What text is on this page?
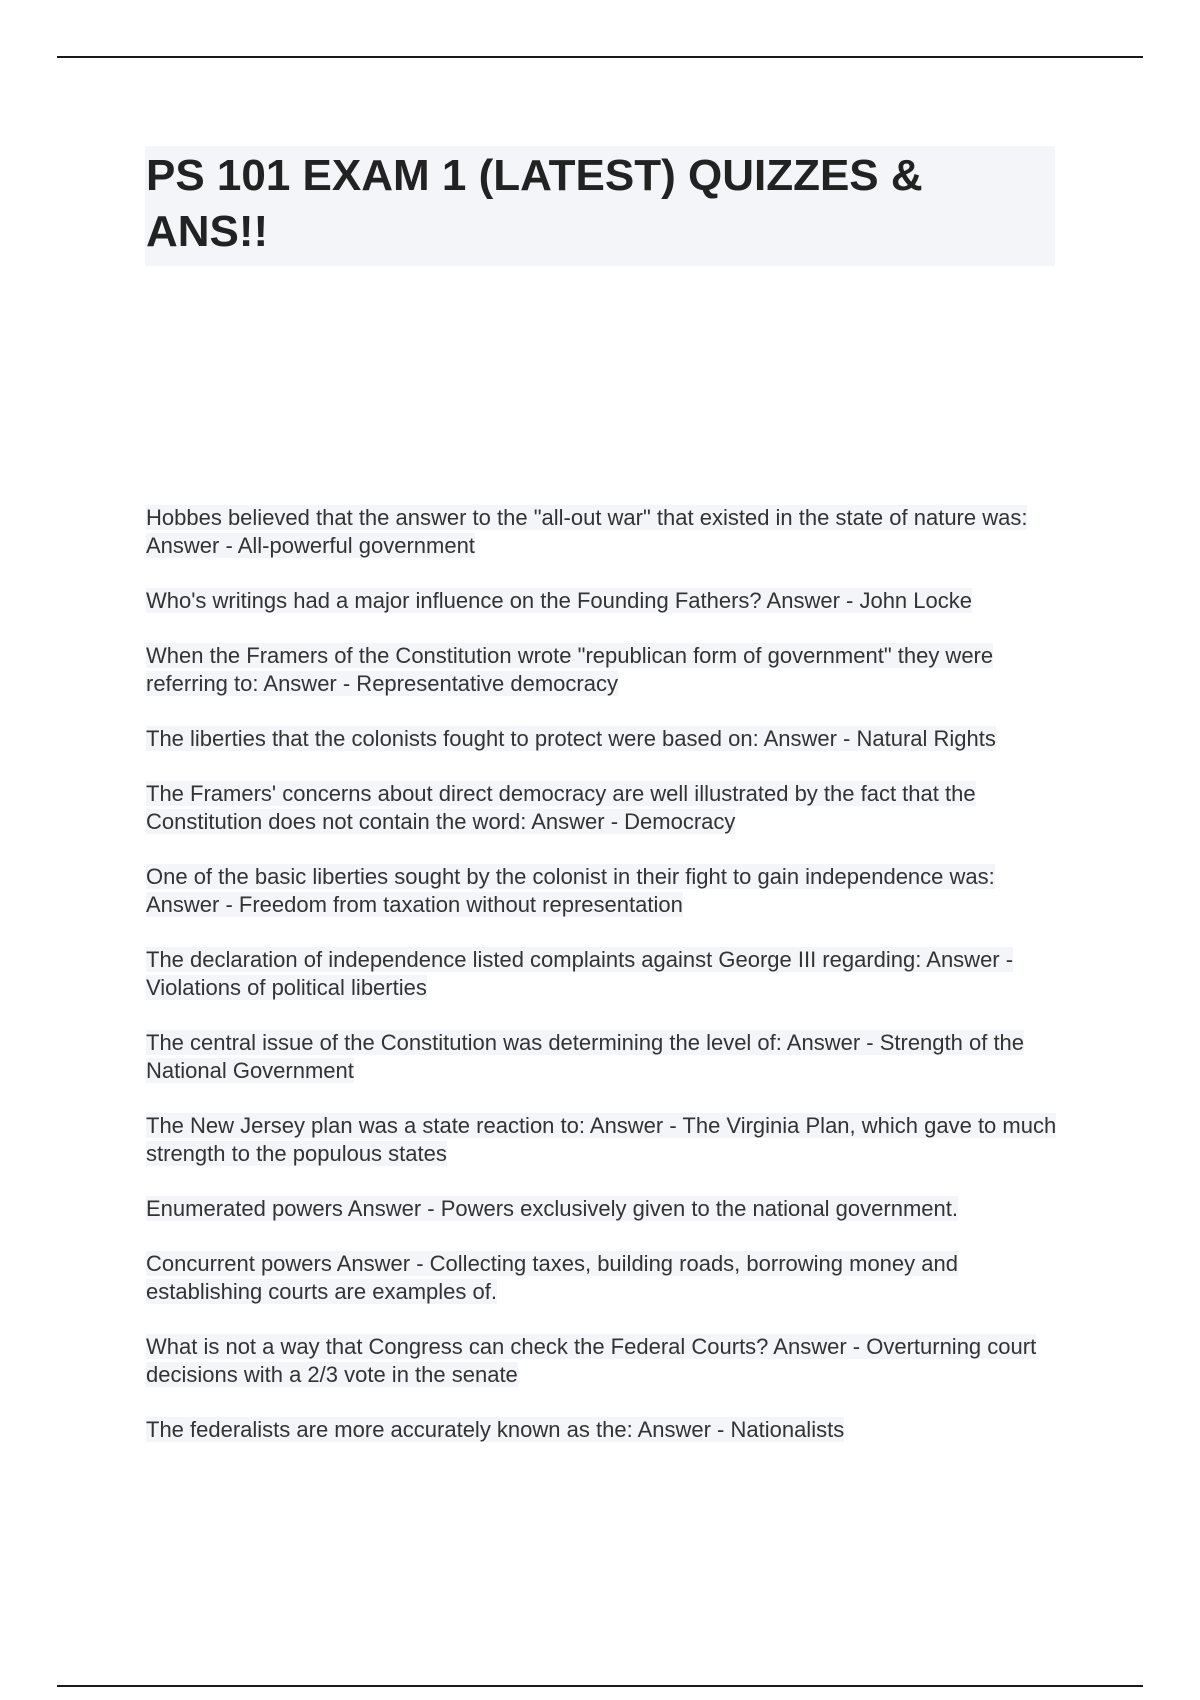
PS 101 EXAM 1 (LATEST) QUIZZES & ANS!!
Hobbes believed that the answer to the "all-out war" that existed in the state of nature was: Answer - All-powerful government
Who's writings had a major influence on the Founding Fathers? Answer - John Locke
When the Framers of the Constitution wrote "republican form of government" they were referring to: Answer - Representative democracy
The liberties that the colonists fought to protect were based on: Answer - Natural Rights
The Framers' concerns about direct democracy are well illustrated by the fact that the Constitution does not contain the word: Answer - Democracy
One of the basic liberties sought by the colonist in their fight to gain independence was: Answer - Freedom from taxation without representation
The declaration of independence listed complaints against George III regarding: Answer - Violations of political liberties
The central issue of the Constitution was determining the level of: Answer - Strength of the National Government
The New Jersey plan was a state reaction to: Answer - The Virginia Plan, which gave to much strength to the populous states
Enumerated powers Answer - Powers exclusively given to the national government.
Concurrent powers Answer - Collecting taxes, building roads, borrowing money and establishing courts are examples of.
What is not a way that Congress can check the Federal Courts? Answer - Overturning court decisions with a 2/3 vote in the senate
The federalists are more accurately known as the: Answer - Nationalists
